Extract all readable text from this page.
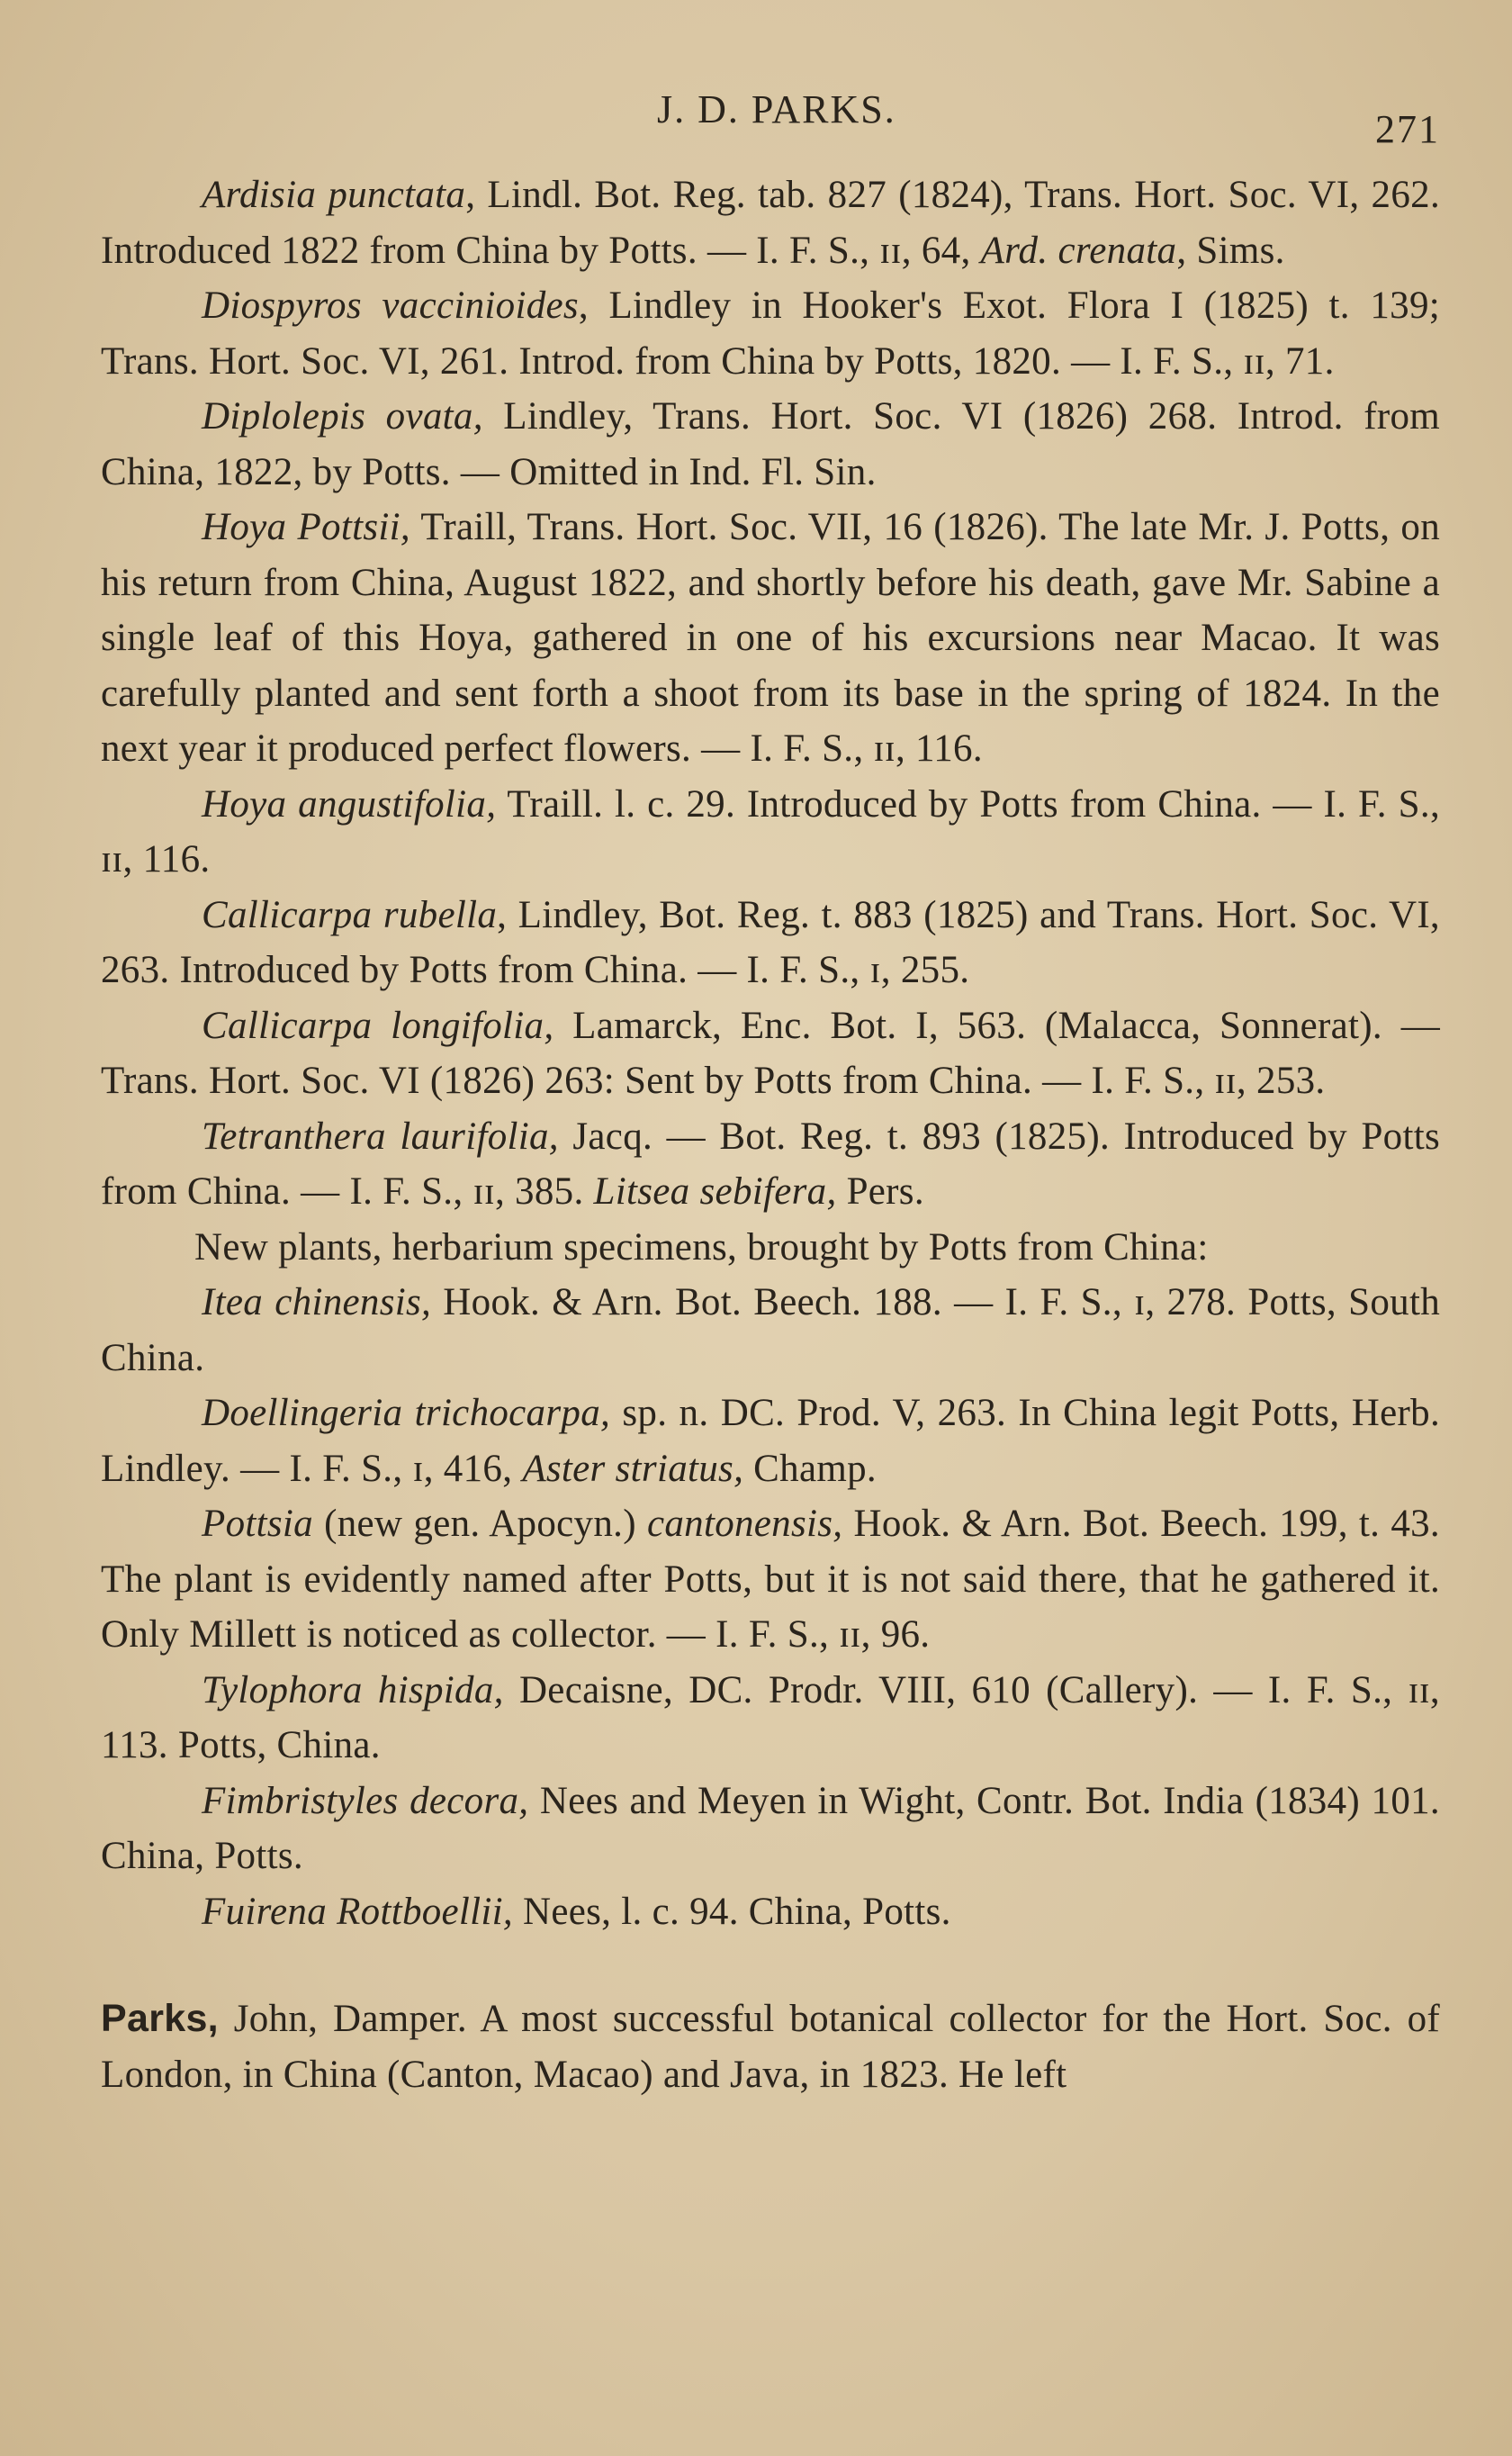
J. D. PARKS.	271

Ardisia punctata, Lindl. Bot. Reg. tab. 827 (1824), Trans. Hort. Soc. VI, 262. Introduced 1822 from China by Potts. — I. F. S., ɪɪ, 64, Ard. crenata, Sims.

Diospyros vaccinioides, Lindley in Hooker's Exot. Flora I (1825) t. 139; Trans. Hort. Soc. VI, 261. Introd. from China by Potts, 1820. — I. F. S., ɪɪ, 71.

Diplolepis ovata, Lindley, Trans. Hort. Soc. VI (1826) 268. Introd. from China, 1822, by Potts. — Omitted in Ind. Fl. Sin.

Hoya Pottsii, Traill, Trans. Hort. Soc. VII, 16 (1826). The late Mr. J. Potts, on his return from China, August 1822, and shortly before his death, gave Mr. Sabine a single leaf of this Hoya, gathered in one of his excursions near Macao. It was carefully planted and sent forth a shoot from its base in the spring of 1824. In the next year it produced perfect flowers. — I. F. S., ɪɪ, 116.

Hoya angustifolia, Traill. l. c. 29. Introduced by Potts from China. — I. F. S., ɪɪ, 116.

Callicarpa rubella, Lindley, Bot. Reg. t. 883 (1825) and Trans. Hort. Soc. VI, 263. Introduced by Potts from China. — I. F. S., ɪ, 255.

Callicarpa longifolia, Lamarck, Enc. Bot. I, 563. (Malacca, Sonnerat). — Trans. Hort. Soc. VI (1826) 263: Sent by Potts from China. — I. F. S., ɪɪ, 253.

Tetranthera laurifolia, Jacq. — Bot. Reg. t. 893 (1825). Introduced by Potts from China. — I. F. S., ɪɪ, 385. Litsea sebifera, Pers.

New plants, herbarium specimens, brought by Potts from China:

Itea chinensis, Hook. & Arn. Bot. Beech. 188. — I. F. S., ɪ, 278. Potts, South China.

Doellingeria trichocarpa, sp. n. DC. Prod. V, 263. In China legit Potts, Herb. Lindley. — I. F. S., ɪ, 416, Aster striatus, Champ.

Pottsia (new gen. Apocyn.) cantonensis, Hook. & Arn. Bot. Beech. 199, t. 43. The plant is evidently named after Potts, but it is not said there, that he gathered it. Only Millett is noticed as collector. — I. F. S., ɪɪ, 96.

Tylophora hispida, Decaisne, DC. Prodr. VIII, 610 (Callery). — I. F. S., ɪɪ, 113. Potts, China.

Fimbristyles decora, Nees and Meyen in Wight, Contr. Bot. India (1834) 101. China, Potts.

Fuirena Rottboellii, Nees, l. c. 94. China, Potts.

Parks, John, Damper. A most successful botanical collector for the Hort. Soc. of London, in China (Canton, Macao) and Java, in 1823. He left
